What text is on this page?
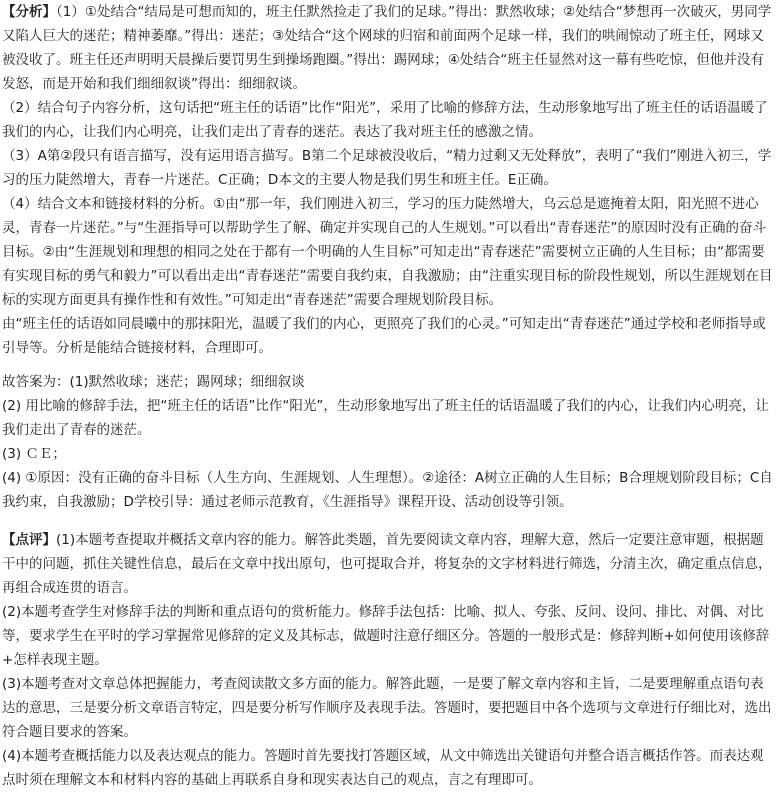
【分析】（1）①处结合“结局是可想而知的，班主任默然捡走了我们的足球。”得出：默然收球；②处结合“梦想再一次破灭，男同学又陷人巨大的迷茫；精神萎靡。”得出：迷茫；③处结合“这个网球的归宿和前面两个足球一样，我们的哄闹惊动了班主任，网球又被没收了。班主任还声明明天晨操后要罚男生到操场跑圈。”得出：踢网球；④处结合“班主任显然对这一幕有些吃惊，但他并没有发怒，而是开始和我们细细叙谈”得出：细细叙谈。

（2）结合句子内容分析，这句话把“班主任的话语”比作“阳光”，采用了比喻的修辞方法，生动形象地写出了班主任的话语温暖了我们的内心，让我们内心明亮，让我们走出了青春的迷茫。表达了我对班主任的感激之情。

（3）A第②段只有语言描写，没有运用语言描写。B第二个足球被没收后，“精力过剩又无处释放”，表明了“我们”刚进入初三，学习的压力陡然增大，青春一片迷茫。C正确；D本文的主要人物是我们男生和班主任。E正确。

（4）结合文本和链接材料的分析。①由“那一年，我们刚进入初三，学习的压力陡然增大，乌云总是遮掩着太阳，阳光照不进心灵，青春一片迷茫。”与“生涯指导可以帮助学生了解、确定并实现自己的人生规划。”可以看出“青春迷茫”的原因时没有正确的奋斗目标。②由“生涯规划和理想的相同之处在于都有一个明确的人生目标”可知走出“青春迷茫”需要树立正确的人生目标；由“都需要有实现目标的勇气和毅力”可以看出走出“青春迷茫”需要自我约束，自我激励；由“注重实现目标的阶段性规划，所以生涯规划在目标的实现方面更具有操作性和有效性。”可知走出“青春迷茫”需要合理规划阶段目标。

由“班主任的话语如同晨曦中的那抹阳光，温暖了我们的内心，更照亮了我们的心灵。”可知走出“青春迷茫”通过学校和老师指导或引导等。分析是能结合链接材料，合理即可。

故答案为：(1)默然收球；迷茫；踢网球；细细叙谈

(2) 用比喻的修辞手法，把“班主任的话语”比作“阳光”，生动形象地写出了班主任的话语温暖了我们的内心，让我们内心明亮，让我们走出了青春的迷茫。

(3) ＣＥ；

(4) ①原因：没有正确的奋斗目标（人生方向、生涯规划、人生理想）。②途径：A树立正确的人生目标；B合理规划阶段目标；C自我约束，自我激励；D学校引导：通过老师示范教育，《生涯指导》课程开设、活动创设等引领。

【点评】(1)本题考查提取并概括文章内容的能力。解答此类题，首先要阅读文章内容，理解大意，然后一定要注意审题，根据题干中的问题，抓住关键性信息，最后在文章中找出原句，也可提取合并，将复杂的文字材料进行筛选，分清主次，确定重点信息，再组合成连贯的语言。

(2)本题考查学生对修辞手法的判断和重点语句的赏析能力。修辞手法包括：比喻、拟人、夸张、反问、设问、排比、对偶、对比等，要求学生在平时的学习掌握常见修辞的定义及其标志，做题时注意仔细区分。答题的一般形式是：修辞判断+如何使用该修辞+怎样表现主题。

(3)本题考查对文章总体把握能力，考查阅读散文多方面的能力。解答此题，一是要了解文章内容和主旨，二是要理解重点语句表达的意思，三是要分析文章语言特定，四是要分析写作顺序及表现手法。答题时，要把题目中各个选项与文章进行仔细比对，选出符合题目要求的答案。

(4)本题考查概括能力以及表达观点的能力。答题时首先要找打答题区域，从文中筛选出关键语句并整合语言概括作答。而表达观点时须在理解文本和材料内容的基础上再联系自身和现实表达自己的观点，言之有理即可。
